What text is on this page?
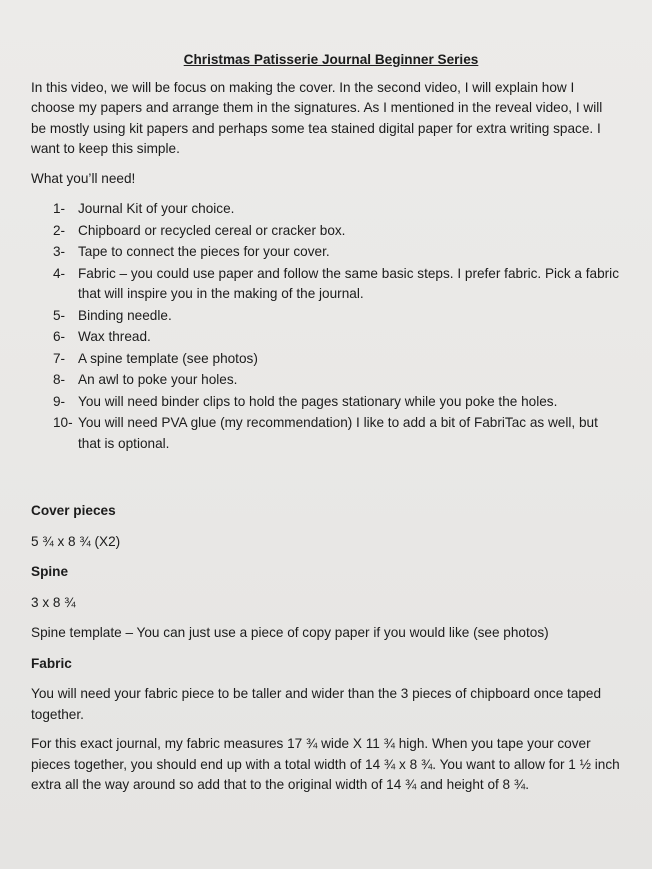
Christmas Patisserie Journal Beginner Series

In this video, we will be focus on making the cover. In the second video, I will explain how I choose my papers and arrange them in the signatures. As I mentioned in the reveal video, I will be mostly using kit papers and perhaps some tea stained digital paper for extra writing space. I want to keep this simple.

What you’ll need!

1- Journal Kit of your choice.
2- Chipboard or recycled cereal or cracker box.
3- Tape to connect the pieces for your cover.
4- Fabric – you could use paper and follow the same basic steps. I prefer fabric. Pick a fabric that will inspire you in the making of the journal.
5- Binding needle.
6- Wax thread.
7- A spine template (see photos)
8- An awl to poke your holes.
9- You will need binder clips to hold the pages stationary while you poke the holes.
10- You will need PVA glue (my recommendation) I like to add a bit of FabriTac as well, but that is optional.

Cover pieces

5 ¾ x 8 ¾ (X2)

Spine

3 x 8 ¾

Spine template – You can just use a piece of copy paper if you would like (see photos)

Fabric

You will need your fabric piece to be taller and wider than the 3 pieces of chipboard once taped together.

For this exact journal, my fabric measures 17 ¾ wide X 11 ¾ high. When you tape your cover pieces together, you should end up with a total width of 14 ¾ x 8 ¾. You want to allow for 1 ½ inch extra all the way around so add that to the original width of 14 ¾ and height of 8 ¾.
